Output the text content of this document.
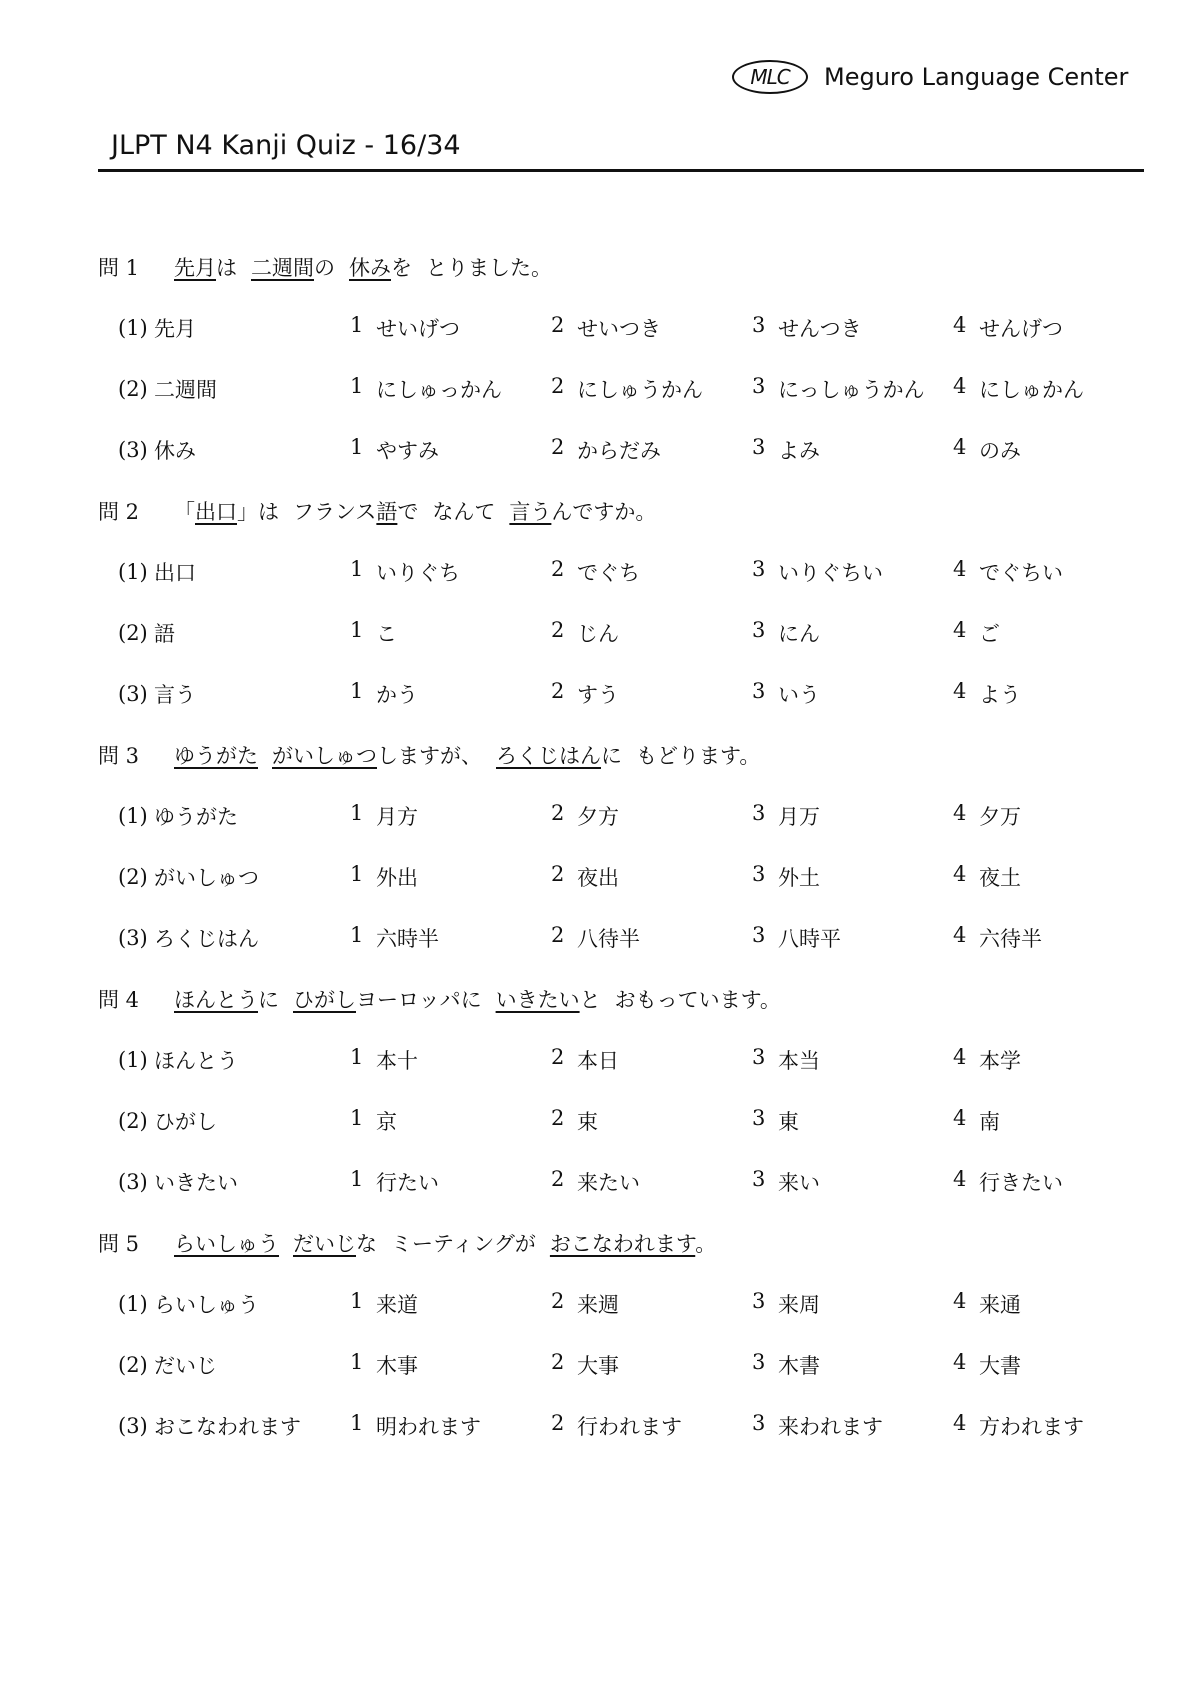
MLC	Meguro Language Center
JLPT N4 Kanji Quiz - 16/34
問 1	先月は 二週間の 休みを とりました。
(1) 先月	1 せいげつ	2 せいつき	3 せんつき	4 せんげつ
(2) 二週間	1 にしゅっかん 2 にしゅうかん 3 にっしゅうかん 4 にしゅかん
(3) 休み	1 やすみ	2 からだみ	3 よみ	4 のみ
問 2	「出口」は フランス語で なんて 言うんですか。
(1) 出口	1 いりぐち	2 でぐち	3 いりぐちい	4 でぐちい
(2) 語	1 こ	2 じん	3 にん	4 ご
(3) 言う	1 かう	2 すう	3 いう	4 よう
問 3	ゆうがた がいしゅつしますが、 ろくじはんに もどります。
(1) ゆうがた	1 月方	2 夕方	3 月万	4 夕万
(2) がいしゅつ	1 外出	2 夜出	3 外土	4 夜土
(3) ろくじはん	1 六時半	2 八待半	3 八時平	4 六待半
問 4	ほんとうに ひがしヨーロッパに いきたいと おもっています。
(1) ほんとう	1 本十	2 本日	3 本当	4 本学
(2) ひがし	1 京	2 束	3 東	4 南
(3) いきたい	1 行たい	2 来たい	3 来い	4 行きたい
問 5	らいしゅう だいじな ミーティングが おこなわれます。
(1) らいしゅう	1 来道	2 来週	3 来周	4 来通
(2) だいじ	1 木事	2 大事	3 木書	4 大書
(3) おこなわれます	1 明われます	2 行われます	3 来われます	4 方われます
